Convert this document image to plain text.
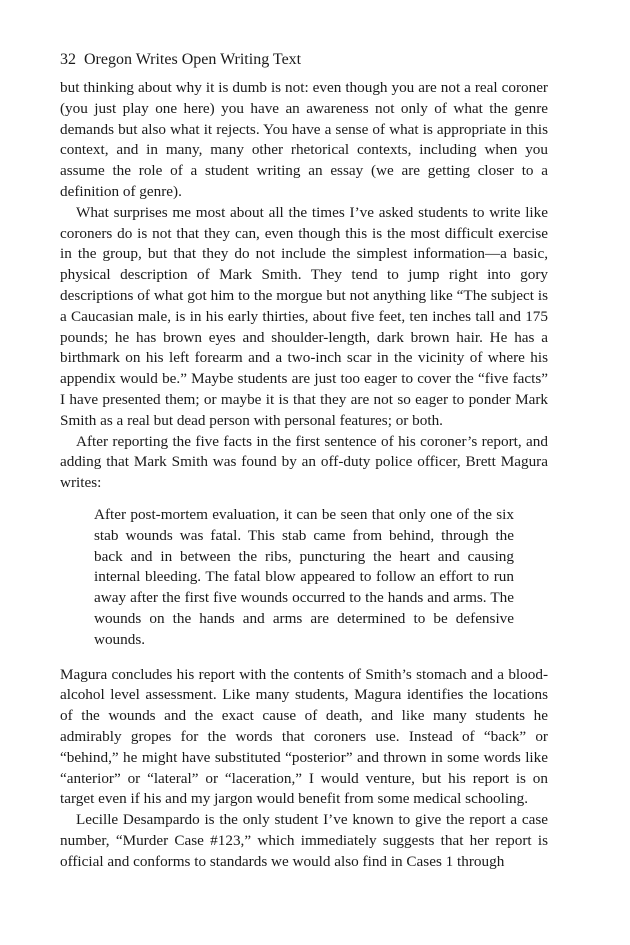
32 Oregon Writes Open Writing Text

but thinking about why it is dumb is not: even though you are not a real coroner (you just play one here) you have an awareness not only of what the genre demands but also what it rejects. You have a sense of what is appropriate in this context, and in many, many other rhetorical contexts, including when you assume the role of a student writing an essay (we are getting closer to a definition of genre).

What surprises me most about all the times I’ve asked students to write like coroners do is not that they can, even though this is the most difficult exercise in the group, but that they do not include the simplest information—a basic, physical description of Mark Smith. They tend to jump right into gory descriptions of what got him to the morgue but not anything like “The subject is a Caucasian male, is in his early thirties, about five feet, ten inches tall and 175 pounds; he has brown eyes and shoulder-length, dark brown hair. He has a birthmark on his left forearm and a two-inch scar in the vicinity of where his appendix would be.” Maybe students are just too eager to cover the “five facts” I have presented them; or maybe it is that they are not so eager to ponder Mark Smith as a real but dead person with personal features; or both.

After reporting the five facts in the first sentence of his coroner’s report, and adding that Mark Smith was found by an off-duty police officer, Brett Magura writes:

After post-mortem evaluation, it can be seen that only one of the six stab wounds was fatal. This stab came from behind, through the back and in between the ribs, puncturing the heart and causing internal bleeding. The fatal blow appeared to follow an effort to run away after the first five wounds occurred to the hands and arms. The wounds on the hands and arms are determined to be defensive wounds.

Magura concludes his report with the contents of Smith’s stomach and a blood-alcohol level assessment. Like many students, Magura identifies the locations of the wounds and the exact cause of death, and like many students he admirably gropes for the words that coroners use. Instead of “back” or “behind,” he might have substituted “posterior” and thrown in some words like “anterior” or “lateral” or “laceration,” I would venture, but his report is on target even if his and my jargon would benefit from some medical schooling.

Lecille Desampardo is the only student I’ve known to give the report a case number, “Murder Case #123,” which immediately suggests that her report is official and conforms to standards we would also find in Cases 1 through
